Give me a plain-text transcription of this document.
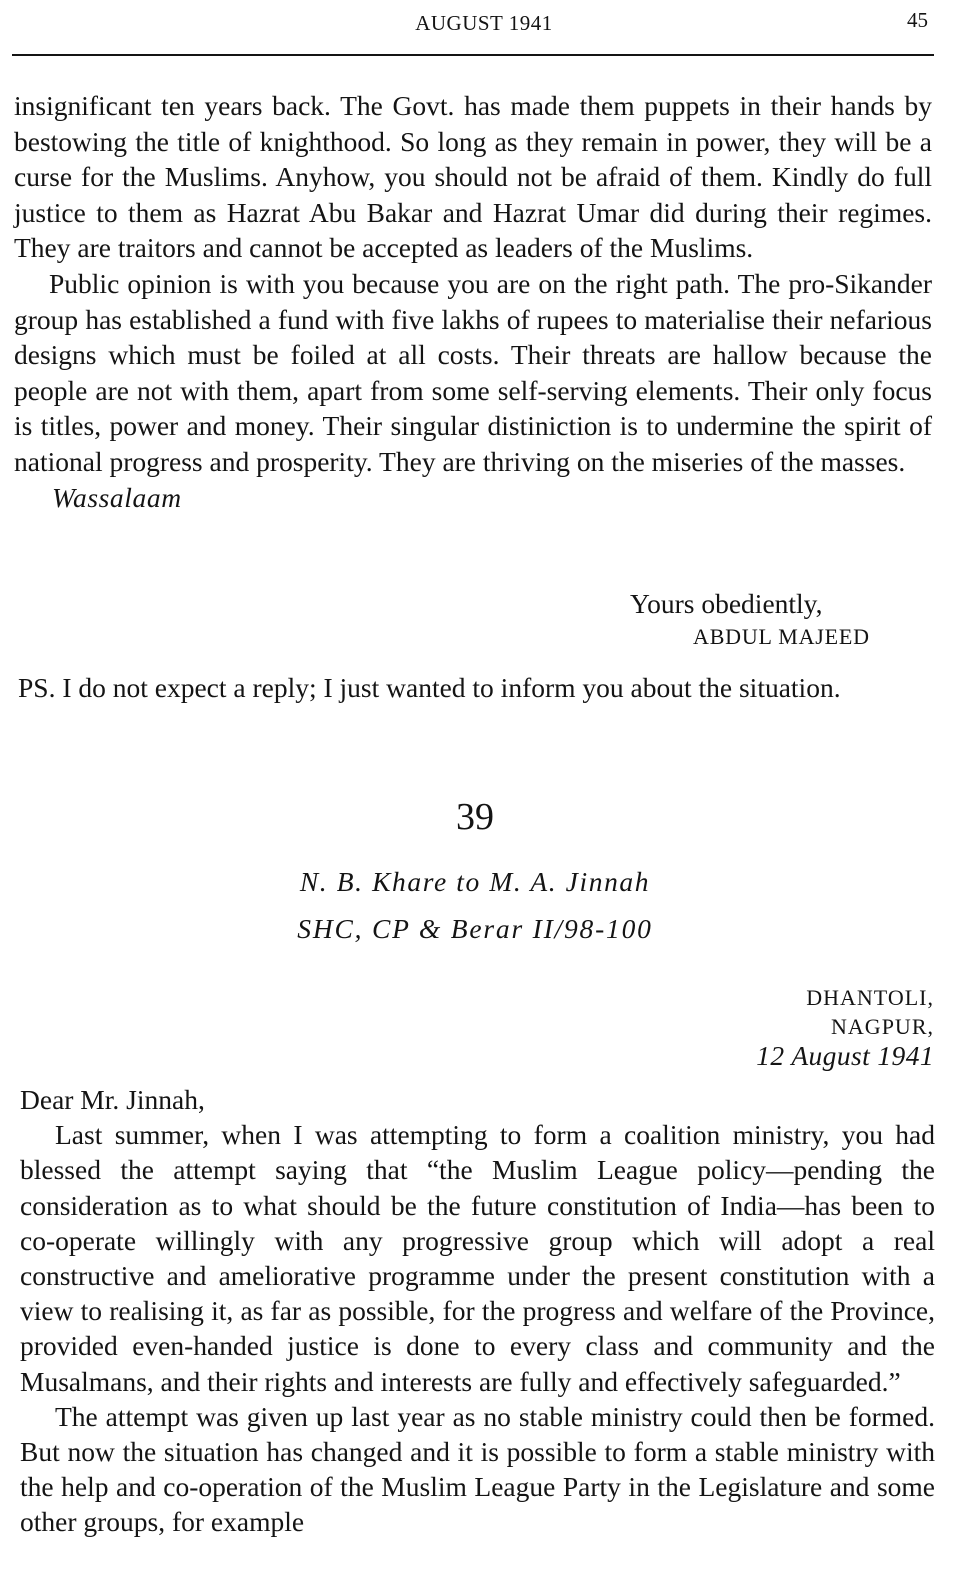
AUGUST 1941	45

insignificant ten years back. The Govt. has made them puppets in their hands by bestowing the title of knighthood. So long as they remain in power, they will be a curse for the Muslims. Anyhow, you should not be afraid of them. Kindly do full justice to them as Hazrat Abu Bakar and Hazrat Umar did during their regimes. They are traitors and cannot be accepted as leaders of the Muslims.

Public opinion is with you because you are on the right path. The pro-Sikander group has established a fund with five lakhs of rupees to materialise their nefarious designs which must be foiled at all costs. Their threats are hallow because the people are not with them, apart from some self-serving elements. Their only focus is titles, power and money. Their singular distiniction is to undermine the spirit of national progress and prosperity. They are thriving on the miseries of the masses.

Wassalaam

Yours obediently,
ABDUL MAJEED

PS. I do not expect a reply; I just wanted to inform you about the situation.

39
N. B. Khare to M. A. Jinnah
SHC, CP & Berar II/98-100
DHANTOLI,
NAGPUR,
12 August 1941

Dear Mr. Jinnah,

Last summer, when I was attempting to form a coalition ministry, you had blessed the attempt saying that “the Muslim League policy—pending the consideration as to what should be the future constitution of India—has been to co-operate willingly with any progressive group which will adopt a real constructive and ameliorative programme under the present constitution with a view to realising it, as far as possible, for the progress and welfare of the Province, provided even-handed justice is done to every class and community and the Musalmans, and their rights and interests are fully and effectively safeguarded.”

The attempt was given up last year as no stable ministry could then be formed. But now the situation has changed and it is possible to form a stable ministry with the help and co-operation of the Muslim League Party in the Legislature and some other groups, for example
